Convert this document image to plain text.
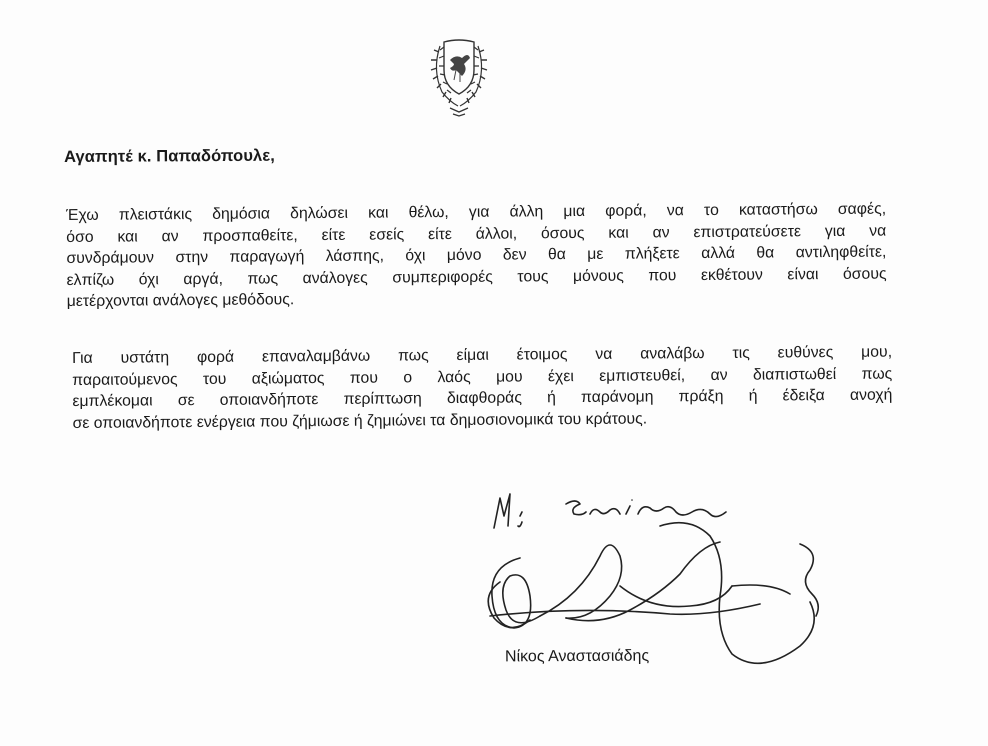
Αγαπητέ κ. Παπαδόπουλε,
Έχω πλειστάκις δημόσια δηλώσει και θέλω, για άλλη μια φορά, να το καταστήσω σαφές,
όσο και αν προσπαθείτε, είτε εσείς είτε άλλοι, όσους και αν επιστρατεύσετε για να
συνδράμουν στην παραγωγή λάσπης, όχι μόνο δεν θα με πλήξετε αλλά θα αντιληφθείτε,
ελπίζω όχι αργά, πως ανάλογες συμπεριφορές τους μόνους που εκθέτουν είναι όσους
μετέρχονται ανάλογες μεθόδους.
Για υστάτη φορά επαναλαμβάνω πως είμαι έτοιμος να αναλάβω τις ευθύνες μου,
παραιτούμενος του αξιώματος που ο λαός μου έχει εμπιστευθεί, αν διαπιστωθεί πως
εμπλέκομαι σε οποιανδήποτε περίπτωση διαφθοράς ή παράνομη πράξη ή έδειξα ανοχή
σε οποιανδήποτε ενέργεια που ζήμιωσε ή ζημιώνει τα δημοσιονομικά του κράτους.
Νίκος Αναστασιάδης
